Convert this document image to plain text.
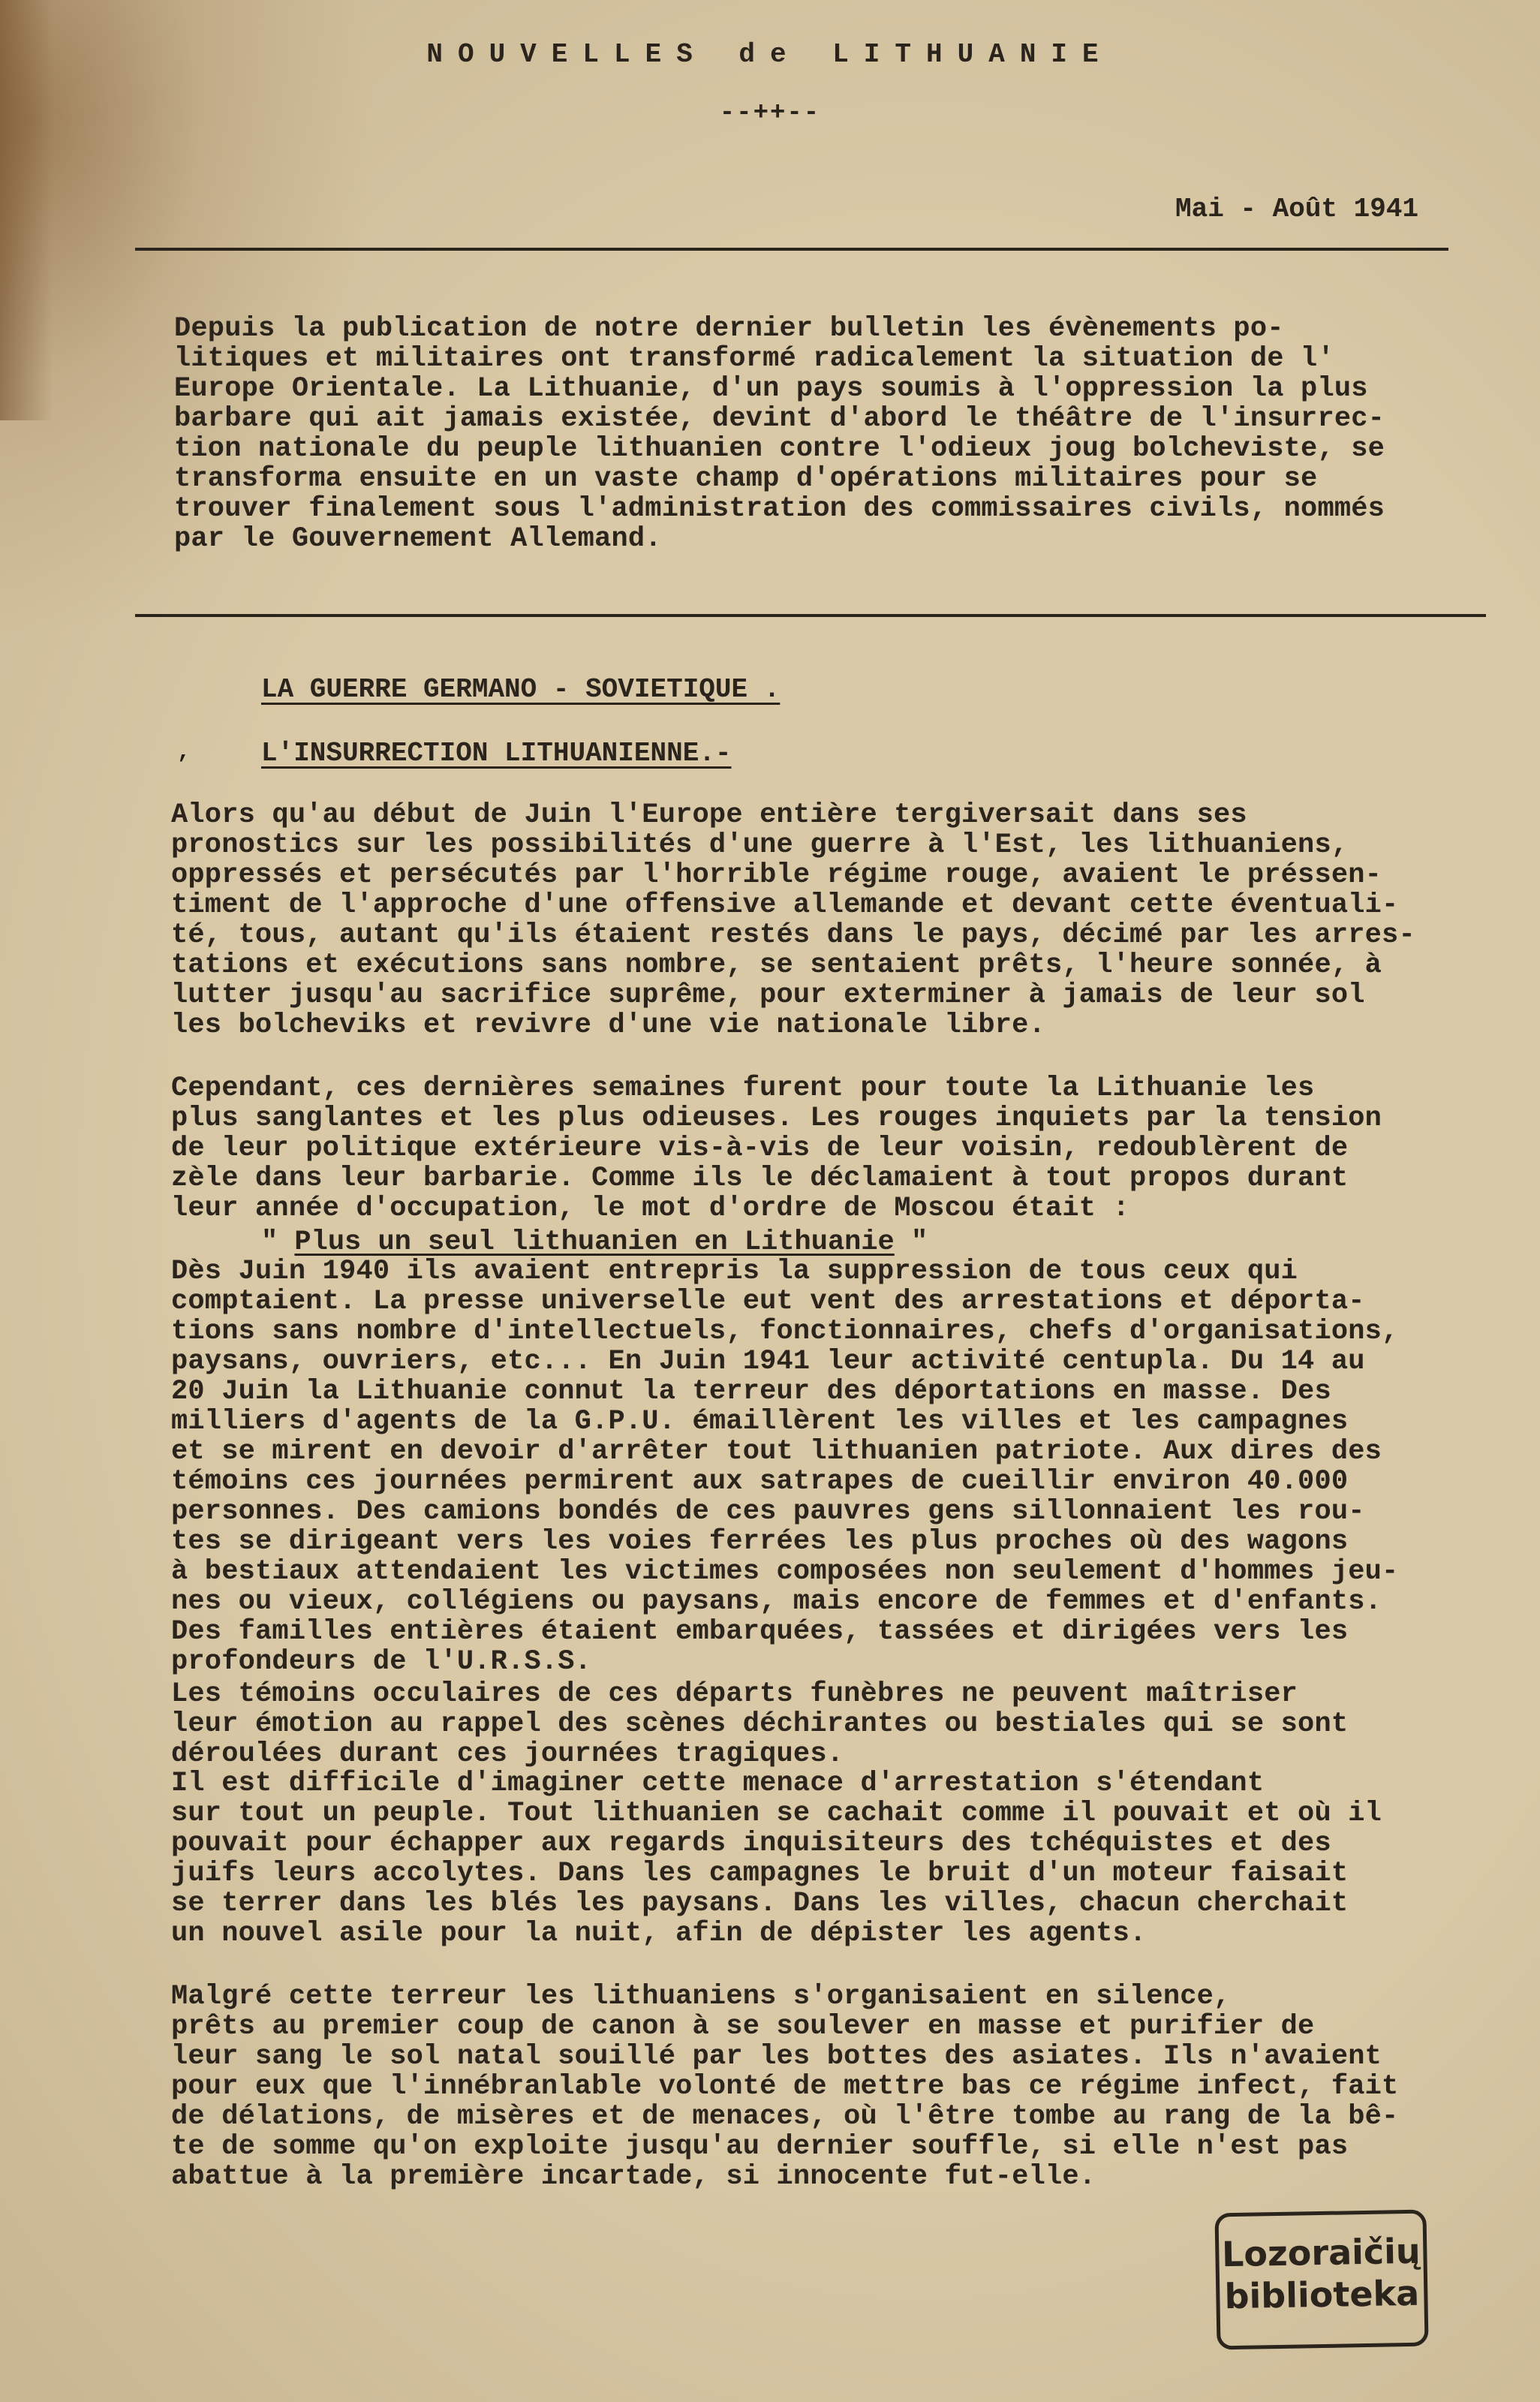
NOUVELLES de LITHUANIE
--++--
Mai - Août 1941
Depuis la publication de notre dernier bulletin les évènements po-
litiques et militaires ont transformé radicalement la situation de l'
Europe Orientale. La Lithuanie, d'un pays soumis à l'oppression la plus
barbare qui ait jamais existée, devint d'abord le théâtre de l'insurrec-
tion nationale du peuple lithuanien contre l'odieux joug bolcheviste, se
transforma ensuite en un vaste champ d'opérations militaires pour se
trouver finalement sous l'administration des commissaires civils, nommés
par le Gouvernement Allemand.
LA GUERRE GERMANO - SOVIETIQUE .
,	L'INSURRECTION LITHUANIENNE.-
Alors qu'au début de Juin l'Europe entière tergiversait dans ses
pronostics sur les possibilités d'une guerre à l'Est, les lithuaniens,
oppressés et persécutés par l'horrible régime rouge, avaient le préssen-
timent de l'approche d'une offensive allemande et devant cette éventuali-
té, tous, autant qu'ils étaient restés dans le pays, décimé par les arres-
tations et exécutions sans nombre, se sentaient prêts, l'heure sonnée, à
lutter jusqu'au sacrifice suprême, pour exterminer à jamais de leur sol
les bolcheviks et revivre d'une vie nationale libre.
Cependant, ces dernières semaines furent pour toute la Lithuanie les
plus sanglantes et les plus odieuses. Les rouges inquiets par la tension
de leur politique extérieure vis-à-vis de leur voisin, redoublèrent de
zèle dans leur barbarie. Comme ils le déclamaient à tout propos durant
leur année d'occupation, le mot d'ordre de Moscou était :
" Plus un seul lithuanien en Lithuanie "
Dès Juin 1940 ils avaient entrepris la suppression de tous ceux qui
comptaient. La presse universelle eut vent des arrestations et déporta-
tions sans nombre d'intellectuels, fonctionnaires, chefs d'organisations,
paysans, ouvriers, etc... En Juin 1941 leur activité centupla. Du 14 au
20 Juin la Lithuanie connut la terreur des déportations en masse. Des
milliers d'agents de la G.P.U. émaillèrent les villes et les campagnes
et se mirent en devoir d'arrêter tout lithuanien patriote. Aux dires des
témoins ces journées permirent aux satrapes de cueillir environ 40.000
personnes. Des camions bondés de ces pauvres gens sillonnaient les rou-
tes se dirigeant vers les voies ferrées les plus proches où des wagons
à bestiaux attendaient les victimes composées non seulement d'hommes jeu-
nes ou vieux, collégiens ou paysans, mais encore de femmes et d'enfants.
Des familles entières étaient embarquées, tassées et dirigées vers les
profondeurs de l'U.R.S.S.
Les témoins occulaires de ces départs funèbres ne peuvent maîtriser
leur émotion au rappel des scènes déchirantes ou bestiales qui se sont
déroulées durant ces journées tragiques.
Il est difficile d'imaginer cette menace d'arrestation s'étendant
sur tout un peuple. Tout lithuanien se cachait comme il pouvait et où il
pouvait pour échapper aux regards inquisiteurs des tchéquistes et des
juifs leurs accolytes. Dans les campagnes le bruit d'un moteur faisait
se terrer dans les blés les paysans. Dans les villes, chacun cherchait
un nouvel asile pour la nuit, afin de dépister les agents.
Malgré cette terreur les lithuaniens s'organisaient en silence,
prêts au premier coup de canon à se soulever en masse et purifier de
leur sang le sol natal souillé par les bottes des asiates. Ils n'avaient
pour eux que l'innébranlable volonté de mettre bas ce régime infect, fait
de délations, de misères et de menaces, où l'être tombe au rang de la bê-
te de somme qu'on exploite jusqu'au dernier souffle, si elle n'est pas
abattue à la première incartade, si innocente fut-elle.
Lozoraičių
biblioteka
